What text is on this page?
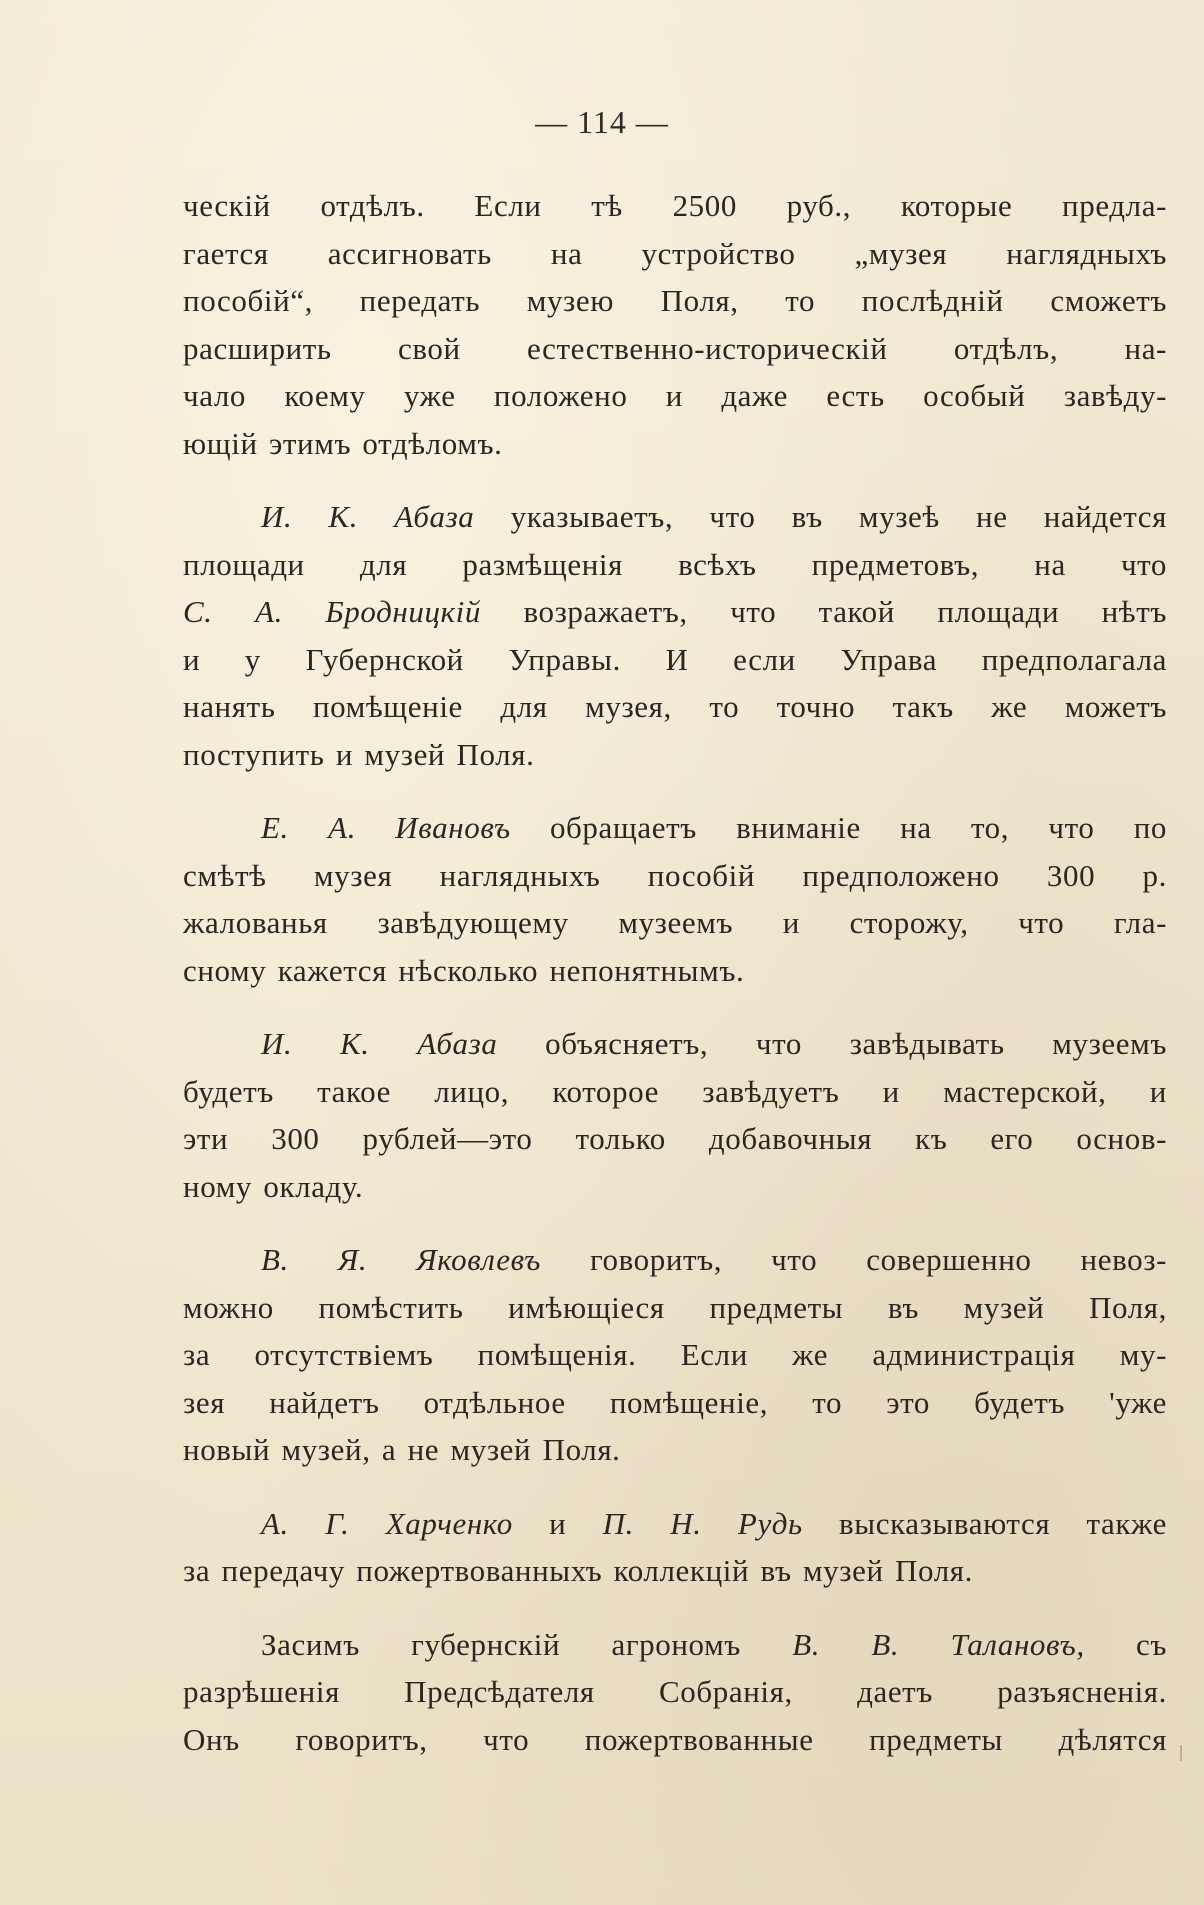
— 114 —
ческій отдѣлъ. Если тѣ 2500 руб., которые предла-
гается ассигновать на устройство „музея наглядныхъ
пособій“, передать музею Поля, то послѣдній сможетъ
расширить свой естественно-историческій отдѣлъ, на-
чало коему уже положено и даже есть особый завѣду-
ющій этимъ отдѣломъ.
И. К. Абаза указываетъ, что въ музеѣ не найдется
площади для размѣщенія всѣхъ предметовъ, на что
С. А. Бродницкій возражаетъ, что такой площади нѣтъ
и у Губернской Управы. И если Управа предполагала
нанять помѣщеніе для музея, то точно такъ же можетъ
поступить и музей Поля.
Е. А. Ивановъ обращаетъ вниманіе на то, что по
смѣтѣ музея наглядныхъ пособій предположено 300 р.
жалованья завѣдующему музеемъ и сторожу, что гла-
сному кажется нѣсколько непонятнымъ.
И. К. Абаза объясняетъ, что завѣдывать музеемъ
будетъ такое лицо, которое завѣдуетъ и мастерской, и
эти 300 рублей—это только добавочныя къ его основ-
ному окладу.
В. Я. Яковлевъ говоритъ, что совершенно невоз-
можно помѣстить имѣющіеся предметы въ музей Поля,
за отсутствіемъ помѣщенія. Если же администрація му-
зея найдетъ отдѣльное помѣщеніе, то это будетъ 'уже
новый музей, а не музей Поля.
А. Г. Харченко и П. Н. Рудь высказываются также
за передачу пожертвованныхъ коллекцій въ музей Поля.
Засимъ губернскій агрономъ В. В. Талановъ, съ
разрѣшенія Предсѣдателя Собранія, даетъ разъясненія.
Онъ говоритъ, что пожертвованные предметы дѣлятся
